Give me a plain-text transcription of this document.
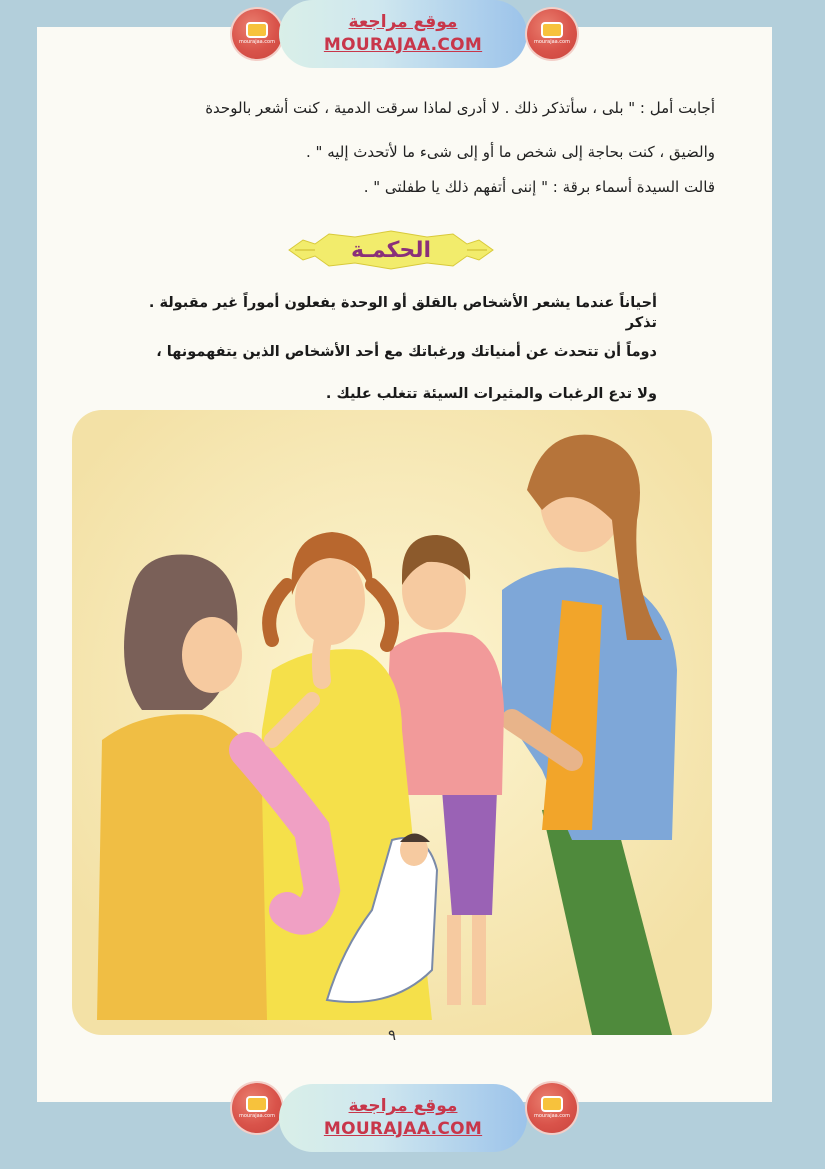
mourajaa.com
موقع مراجعة
MOURAJAA.COM	mourajaa.com

أجابت أمل : " بلى ، سأتذكر ذلك . لا أدرى لماذا سرقت الدمية ، كنت أشعر بالوحدة

والضيق ، كنت بحاجة إلى شخص ما أو إلى شىء ما لأتحدث إليه " .

قالت السيدة أسماء برقة : " إننى أتفهم ذلك يا طفلتى " .

الحكمـة

أحياناً عندما يشعر الأشخاص بالقلق أو الوحدة يفعلون أموراً غير مقبولة . تذكر

دوماً أن تتحدث عن أمنياتك ورغباتك مع أحد الأشخاص الذين يتفهمونها ،

ولا تدع الرغبات والمثيرات السيئة تتغلب عليك .

٩
mourajaa.com	موقع مراجعة
MOURAJAA.COM
mourajaa.com
